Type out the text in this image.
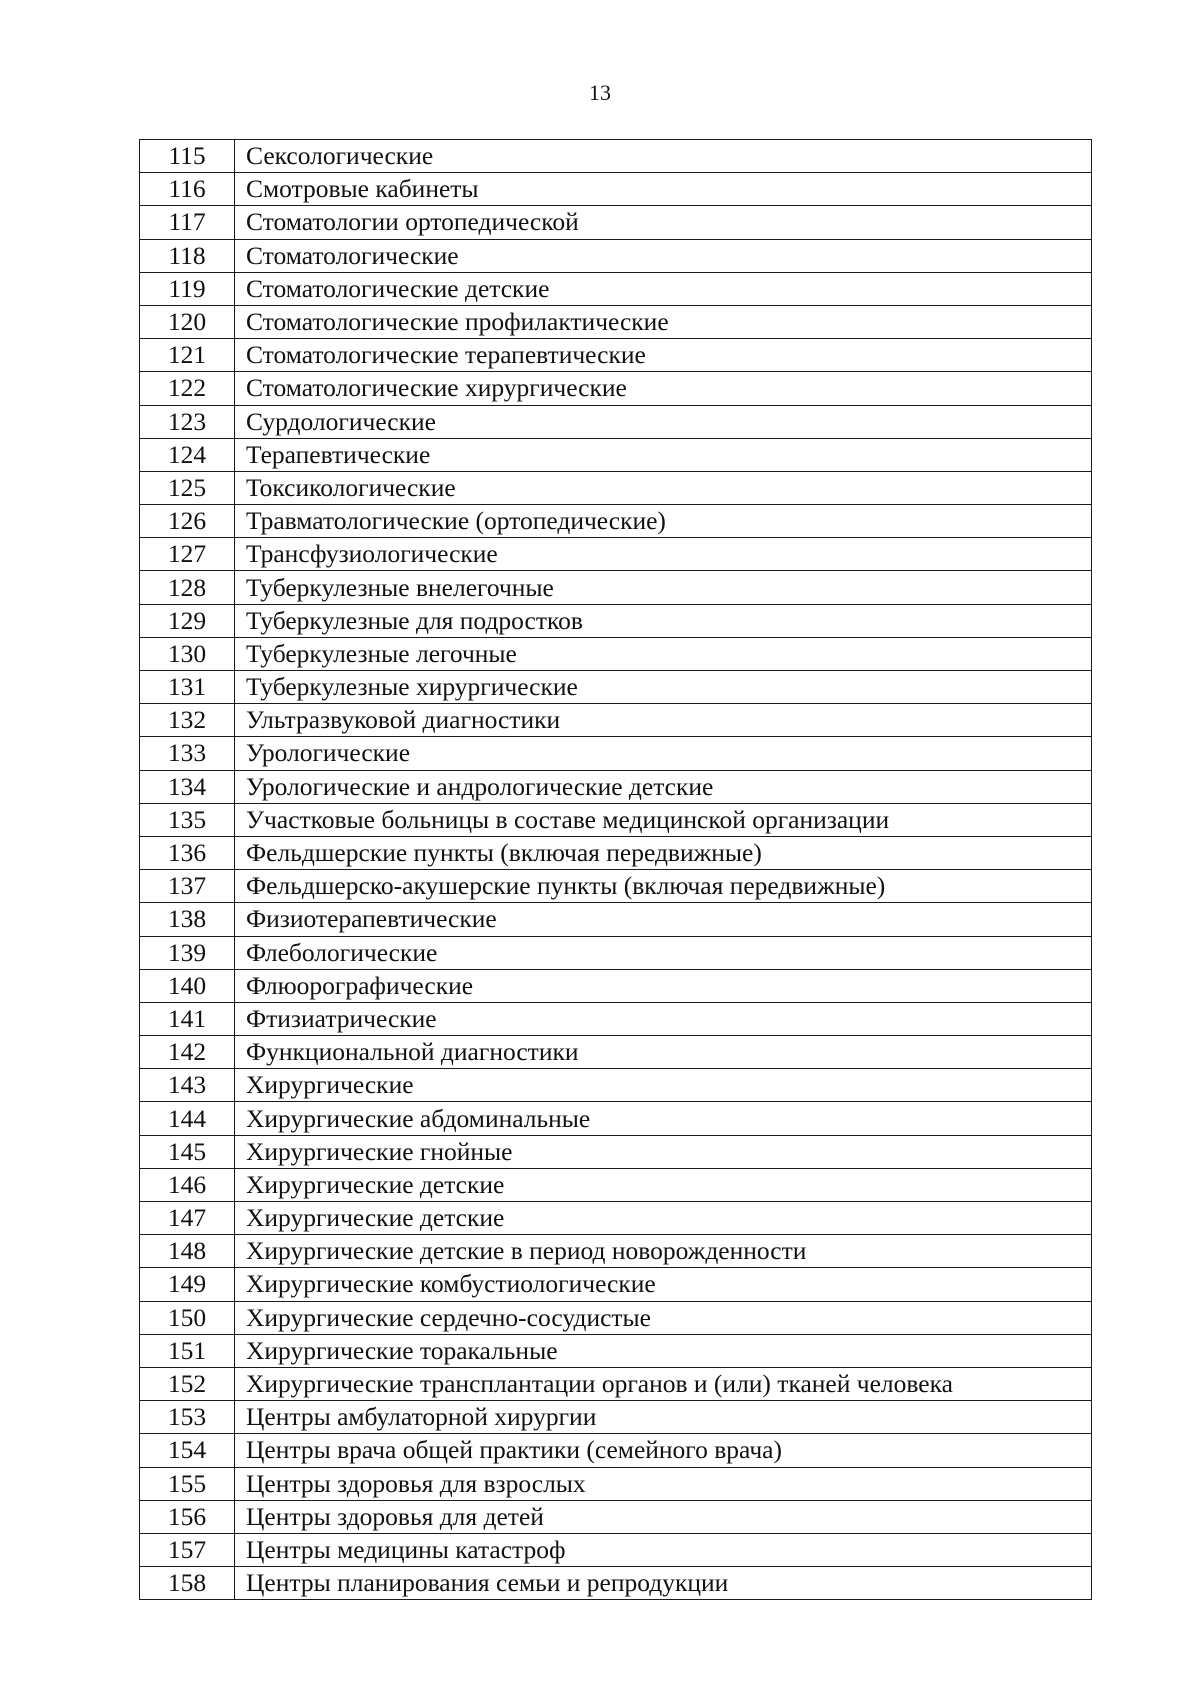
13
115	Сексологические
116	Смотровые кабинеты
117	Стоматологии ортопедической
118	Стоматологические
119	Стоматологические детские
120	Стоматологические профилактические
121	Стоматологические терапевтические
122	Стоматологические хирургические
123	Сурдологические
124	Терапевтические
125	Токсикологические
126	Травматологические (ортопедические)
127	Трансфузиологические
128	Туберкулезные внелегочные
129	Туберкулезные для подростков
130	Туберкулезные легочные
131	Туберкулезные хирургические
132	Ультразвуковой диагностики
133	Урологические
134	Урологические и андрологические детские
135	Участковые больницы в составе медицинской организации
136	Фельдшерские пункты (включая передвижные)
137	Фельдшерско-акушерские пункты (включая передвижные)
138	Физиотерапевтические
139	Флебологические
140	Флюорографические
141	Фтизиатрические
142	Функциональной диагностики
143	Хирургические
144	Хирургические абдоминальные
145	Хирургические гнойные
146	Хирургические детские
147	Хирургические детские
148	Хирургические детские в период новорожденности
149	Хирургические комбустиологические
150	Хирургические сердечно-сосудистые
151	Хирургические торакальные
152	Хирургические трансплантации органов и (или) тканей человека
153	Центры амбулаторной хирургии
154	Центры врача общей практики (семейного врача)
155	Центры здоровья для взрослых
156	Центры здоровья для детей
157	Центры медицины катастроф
158	Центры планирования семьи и репродукции
